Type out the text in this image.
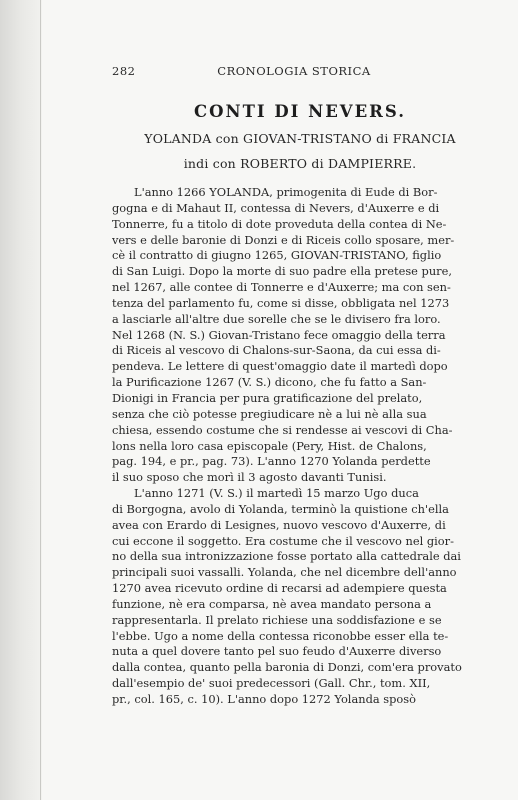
282	CRONOLOGIA STORICA
CONTI DI NEVERS.
YOLANDA con GIOVAN-TRISTANO di FRANCIA
indi con ROBERTO di DAMPIERRE.

L'anno 1266 YOLANDA, primogenita di Eude di Bor-
gogna e di Mahaut II, contessa di Nevers, d'Auxerre e di
Tonnerre, fu a titolo di dote proveduta della contea di Ne-
vers e delle baronie di Donzi e di Riceis collo sposare, mer-
cè il contratto di giugno 1265, GIOVAN-TRISTANO, figlio
di San Luigi. Dopo la morte di suo padre ella pretese pure,
nel 1267, alle contee di Tonnerre e d'Auxerre; ma con sen-
tenza del parlamento fu, come si disse, obbligata nel 1273
a lasciarle all'altre due sorelle che se le divisero fra loro.
Nel 1268 (N. S.) Giovan-Tristano fece omaggio della terra
di Riceis al vescovo di Chalons-sur-Saona, da cui essa di-
pendeva. Le lettere di quest'omaggio date il martedì dopo
la Purificazione 1267 (V. S.) dicono, che fu fatto a San-
Dionigi in Francia per pura gratificazione del prelato,
senza che ciò potesse pregiudicare nè a lui nè alla sua
chiesa, essendo costume che si rendesse ai vescovi di Cha-
lons nella loro casa episcopale (Pery, Hist. de Chalons,
pag. 194, e pr., pag. 73). L'anno 1270 Yolanda perdette
il suo sposo che morì il 3 agosto davanti Tunisi.

L'anno 1271 (V. S.) il martedì 15 marzo Ugo duca
di Borgogna, avolo di Yolanda, terminò la quistione ch'ella
avea con Erardo di Lesignes, nuovo vescovo d'Auxerre, di
cui eccone il soggetto. Era costume che il vescovo nel gior-
no della sua intronizzazione fosse portato alla cattedrale dai
principali suoi vassalli. Yolanda, che nel dicembre dell'anno
1270 avea ricevuto ordine di recarsi ad adempiere questa
funzione, nè era comparsa, nè avea mandato persona a
rappresentarla. Il prelato richiese una soddisfazione e se
l'ebbe. Ugo a nome della contessa riconobbe esser ella te-
nuta a quel dovere tanto pel suo feudo d'Auxerre diverso
dalla contea, quanto pella baronia di Donzi, com'era provato
dall'esempio de' suoi predecessori (Gall. Chr., tom. XII,
pr., col. 165, c. 10). L'anno dopo 1272 Yolanda sposò
